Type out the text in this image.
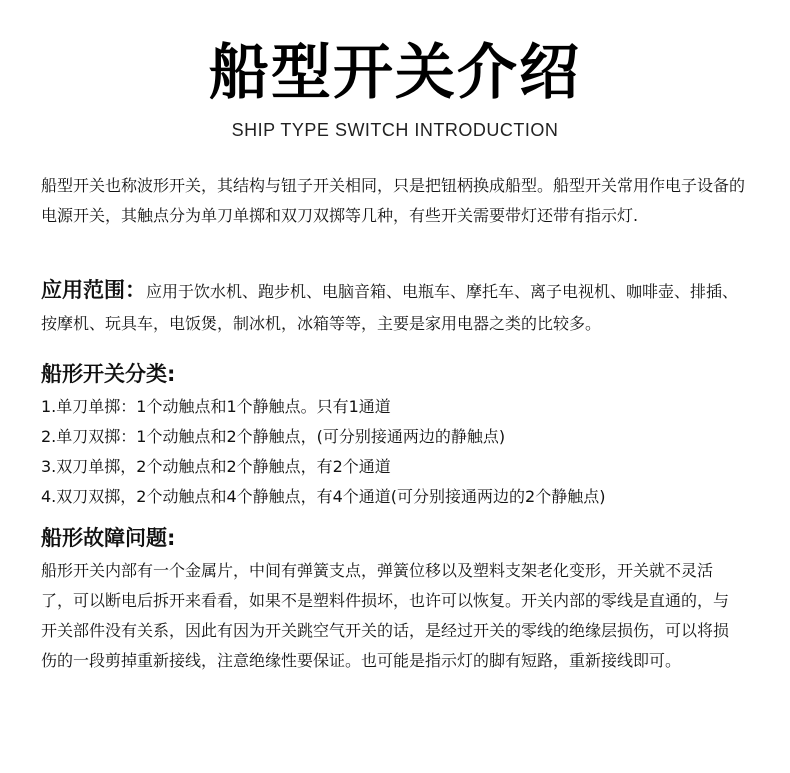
船型开关介绍
SHIP TYPE SWITCH INTRODUCTION
船型开关也称波形开关，其结构与钮子开关相同，只是把钮柄换成船型。船型开关常用作电子设备的电源开关，其触点分为单刀单掷和双刀双掷等几种，有些开关需要带灯还带有指示灯.
应用范围：应用于饮水机、跑步机、电脑音箱、电瓶车、摩托车、离子电视机、咖啡壶、排插、按摩机、玩具车，电饭煲，制冰机，冰箱等等，主要是家用电器之类的比较多。
船形开关分类:
1.单刀单掷：1个动触点和1个静触点。只有1通道
2.单刀双掷：1个动触点和2个静触点，(可分别接通两边的静触点)
3.双刀单掷，2个动触点和2个静触点，有2个通道
4.双刀双掷，2个动触点和4个静触点，有4个通道(可分别接通两边的2个静触点)
船形故障问题:
船形开关内部有一个金属片，中间有弹簧支点，弹簧位移以及塑料支架老化变形，开关就不灵活了，可以断电后拆开来看看，如果不是塑料件损坏，也许可以恢复。开关内部的零线是直通的，与开关部件没有关系，因此有因为开关跳空气开关的话，是经过开关的零线的绝缘层损伤，可以将损伤的一段剪掉重新接线，注意绝缘性要保证。也可能是指示灯的脚有短路，重新接线即可。
